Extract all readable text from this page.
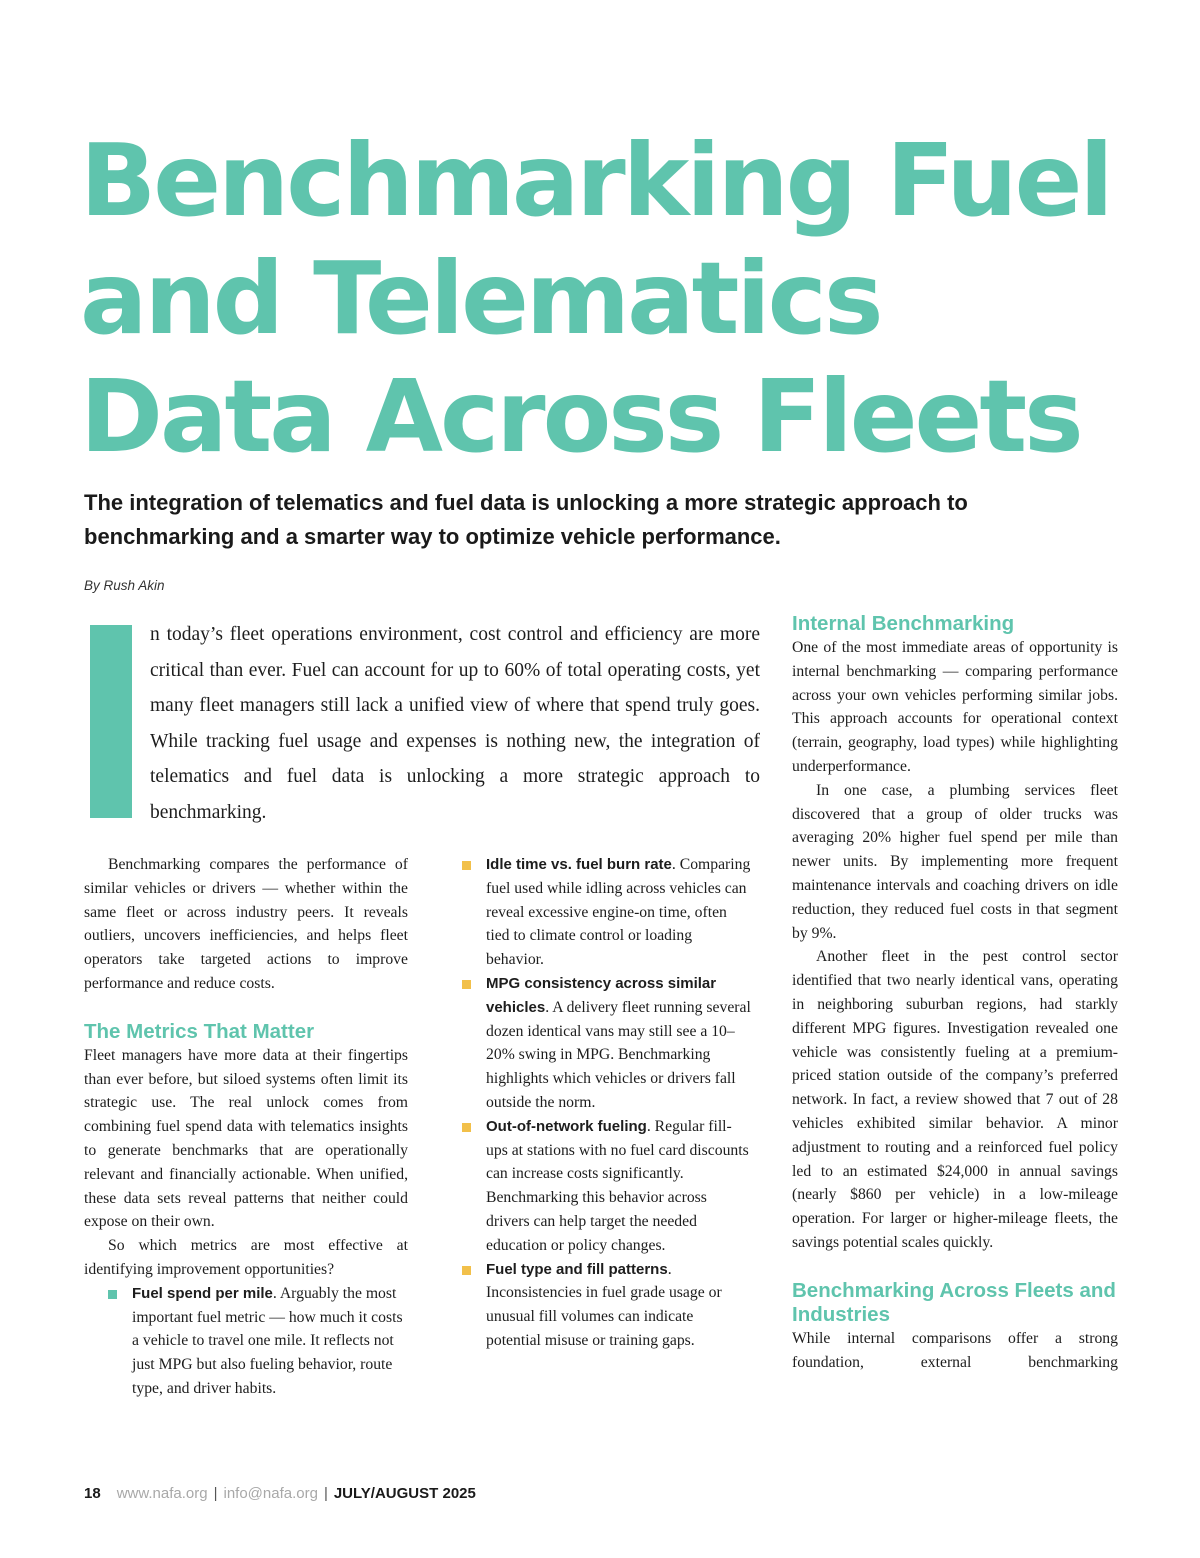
Benchmarking Fuel
and Telematics
Data Across Fleets

The integration of telematics and fuel data is unlocking a more strategic approach to benchmarking and a smarter way to optimize vehicle performance.

By Rush Akin

n today’s fleet operations environment, cost control and efficiency are more critical than ever. Fuel can account for up to 60% of total operating costs, yet many fleet managers still lack a unified view of where that spend truly goes. While tracking fuel usage and expenses is nothing new, the integration of telematics and fuel data is unlocking a more strategic approach to benchmarking.

Benchmarking compares the performance of similar vehicles or drivers — whether within the same fleet or across industry peers. It reveals outliers, uncovers inefficiencies, and helps fleet operators take targeted actions to improve performance and reduce costs.

The Metrics That Matter

Fleet managers have more data at their fingertips than ever before, but siloed systems often limit its strategic use. The real unlock comes from combining fuel spend data with telematics insights to generate benchmarks that are operationally relevant and financially actionable. When unified, these data sets reveal patterns that neither could expose on their own.

So which metrics are most effective at identifying improvement opportunities?

Fuel spend per mile. Arguably the most important fuel metric — how much it costs a vehicle to travel one mile. It reflects not just MPG but also fueling behavior, route type, and driver habits.
Idle time vs. fuel burn rate. Comparing fuel used while idling across vehicles can reveal excessive engine-on time, often tied to climate control or loading behavior.
MPG consistency across similar vehicles. A delivery fleet running several dozen identical vans may still see a 10–20% swing in MPG. Benchmarking highlights which vehicles or drivers fall outside the norm.
Out-of-network fueling. Regular fill-ups at stations with no fuel card discounts can increase costs significantly. Benchmarking this behavior across drivers can help target the needed education or policy changes.
Fuel type and fill patterns. Inconsistencies in fuel grade usage or unusual fill volumes can indicate potential misuse or training gaps.
Internal Benchmarking

One of the most immediate areas of opportunity is internal benchmarking — comparing performance across your own vehicles performing similar jobs. This approach accounts for operational context (terrain, geography, load types) while highlighting underperformance.

In one case, a plumbing services fleet discovered that a group of older trucks was averaging 20% higher fuel spend per mile than newer units. By implementing more frequent maintenance intervals and coaching drivers on idle reduction, they reduced fuel costs in that segment by 9%.

Another fleet in the pest control sector identified that two nearly identical vans, operating in neighboring suburban regions, had starkly different MPG figures. Investigation revealed one vehicle was consistently fueling at a premium-priced station outside of the company’s preferred network. In fact, a review showed that 7 out of 28 vehicles exhibited similar behavior. A minor adjustment to routing and a reinforced fuel policy led to an estimated $24,000 in annual savings (nearly $860 per vehicle) in a low-mileage operation. For larger or higher-mileage fleets, the savings potential scales quickly.

Benchmarking Across Fleets and Industries

While internal comparisons offer a strong foundation, external benchmarking

18 www.nafa.org | info@nafa.org | JULY/AUGUST 2025
